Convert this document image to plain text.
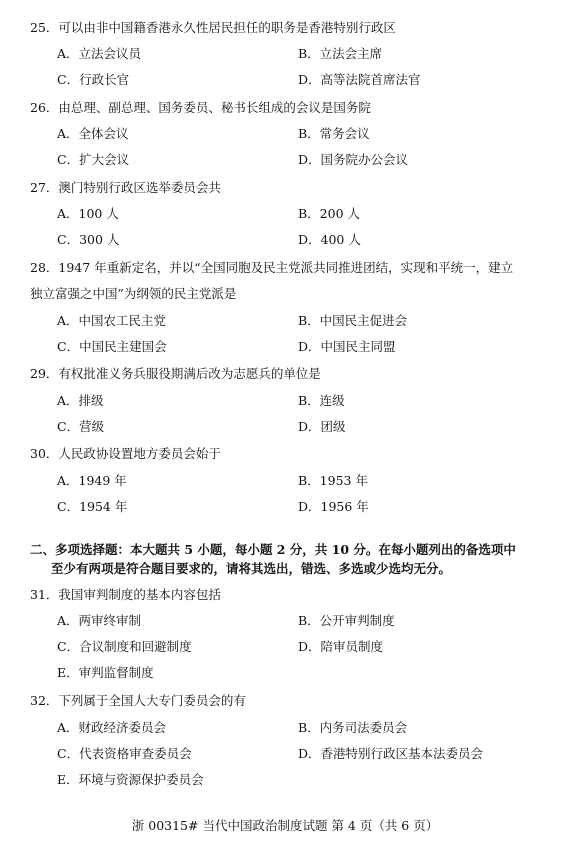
25．可以由非中国籍香港永久性居民担任的职务是香港特别行政区
A．立法会议员	B．立法会主席
C．行政长官	D．高等法院首席法官
26．由总理、副总理、国务委员、秘书长组成的会议是国务院
A．全体会议	B．常务会议
C．扩大会议	D．国务院办公会议
27．澳门特别行政区选举委员会共
A．100 人	B．200 人
C．300 人	D．400 人
28．1947 年重新定名，并以“全国同胞及民主党派共同推进团结，实现和平统一，建立
独立富强之中国”为纲领的民主党派是
A．中国农工民主党	B．中国民主促进会
C．中国民主建国会	D．中国民主同盟
29．有权批准义务兵服役期满后改为志愿兵的单位是
A．排级	B．连级
C．营级	D．团级
30．人民政协设置地方委员会始于
A．1949 年	B．1953 年
C．1954 年	D．1956 年
二、多项选择题：本大题共 5 小题，每小题 2 分，共 10 分。在每小题列出的备选项中
至少有两项是符合题目要求的，请将其选出，错选、多选或少选均无分。
31．我国审判制度的基本内容包括
A．两审终审制	B．公开审判制度
C．合议制度和回避制度	D．陪审员制度
E．审判监督制度
32．下列属于全国人大专门委员会的有
A．财政经济委员会	B．内务司法委员会
C．代表资格审查委员会	D．香港特别行政区基本法委员会
E．环境与资源保护委员会
浙 00315# 当代中国政治制度试题 第 4 页（共 6 页）
